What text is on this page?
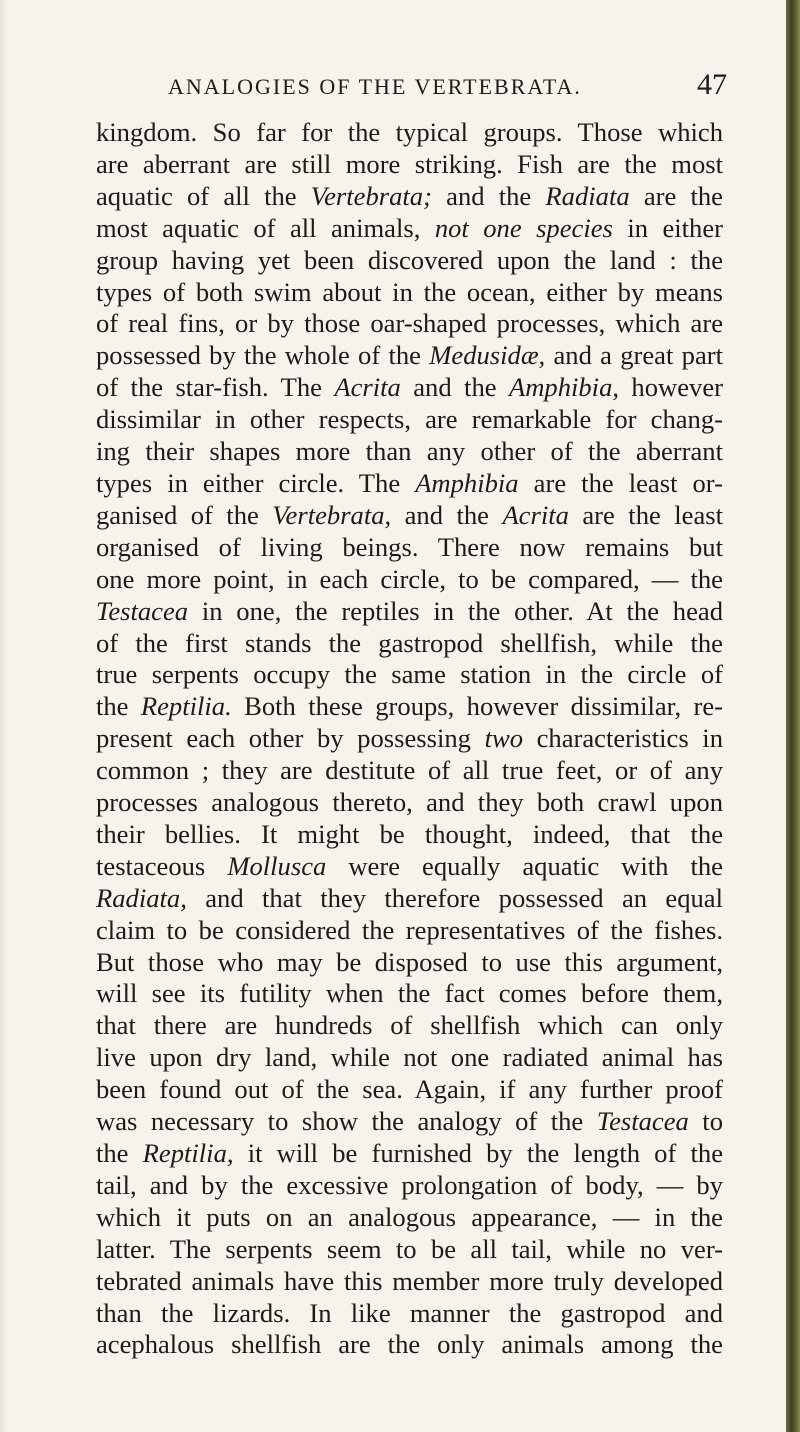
ANALOGIES OF THE VERTEBRATA.	47
kingdom. So far for the typical groups. Those which
are aberrant are still more striking. Fish are the most
aquatic of all the Vertebrata; and the Radiata are the
most aquatic of all animals, not one species in either
group having yet been discovered upon the land : the
types of both swim about in the ocean, either by means
of real fins, or by those oar-shaped processes, which are
possessed by the whole of the Medusidæ, and a great part
of the star-fish. The Acrita and the Amphibia, however
dissimilar in other respects, are remarkable for chang-
ing their shapes more than any other of the aberrant
types in either circle. The Amphibia are the least or-
ganised of the Vertebrata, and the Acrita are the least
organised of living beings. There now remains but
one more point, in each circle, to be compared, — the
Testacea in one, the reptiles in the other. At the head
of the first stands the gastropod shellfish, while the
true serpents occupy the same station in the circle of
the Reptilia. Both these groups, however dissimilar, re-
present each other by possessing two characteristics in
common ; they are destitute of all true feet, or of any
processes analogous thereto, and they both crawl upon
their bellies. It might be thought, indeed, that the
testaceous Mollusca were equally aquatic with the
Radiata, and that they therefore possessed an equal
claim to be considered the representatives of the fishes.
But those who may be disposed to use this argument,
will see its futility when the fact comes before them,
that there are hundreds of shellfish which can only
live upon dry land, while not one radiated animal has
been found out of the sea. Again, if any further proof
was necessary to show the analogy of the Testacea to
the Reptilia, it will be furnished by the length of the
tail, and by the excessive prolongation of body, — by
which it puts on an analogous appearance, — in the
latter. The serpents seem to be all tail, while no ver-
tebrated animals have this member more truly developed
than the lizards. In like manner the gastropod and
acephalous shellfish are the only animals among the
